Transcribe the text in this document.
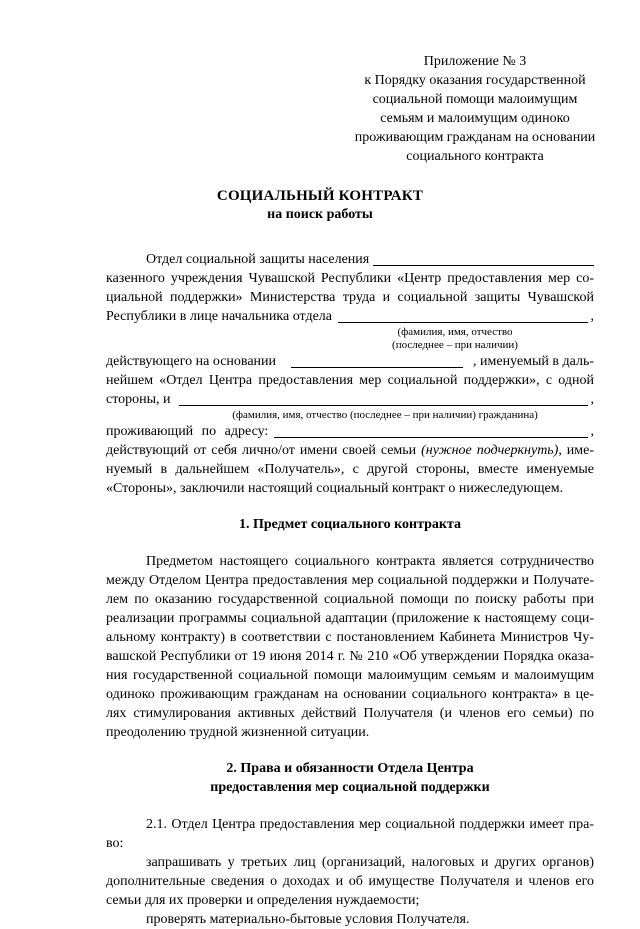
Приложение № 3
к Порядку оказания государственной
социальной помощи малоимущим
семьям и малоимущим одиноко
проживающим гражданам на основании
социального контракта
СОЦИАЛЬНЫЙ КОНТРАКТ
на поиск работы
Отдел социальной защиты населения

казенного учреждения Чувашской Республики «Центр предоставления мер со-

циальной поддержки» Министерства труда и социальной защиты Чувашской

Республики в лице начальника отдела	,
(фамилия, имя, отчество
(последнее – при наличии)
действующего на основании	, именуемый в даль-

нейшем «Отдел Центра предоставления мер социальной поддержки», с одной

стороны, и	,
(фамилия, имя, отчество (последнее – при наличии) гражданина)
проживающий по адресу:	,

действующий от себя лично/от имени своей семьи (нужное подчеркнуть), име-

нуемый в дальнейшем «Получатель», с другой стороны, вместе именуемые

«Стороны», заключили настоящий социальный контракт о нижеследующем.

1. Предмет социального контракта

Предметом настоящего социального контракта является сотрудничество

между Отделом Центра предоставления мер социальной поддержки и Получате-

лем по оказанию государственной социальной помощи по поиску работы при

реализации программы социальной адаптации (приложение к настоящему соци-

альному контракту) в соответствии с постановлением Кабинета Министров Чу-

вашской Республики от 19 июня 2014 г. № 210 «Об утверждении Порядка оказа-

ния государственной социальной помощи малоимущим семьям и малоимущим

одиноко проживающим гражданам на основании социального контракта» в це-

лях стимулирования активных действий Получателя (и членов его семьи) по

преодолению трудной жизненной ситуации.

2. Права и обязанности Отдела Центра
предоставления мер социальной поддержки

2.1. Отдел Центра предоставления мер социальной поддержки имеет пра-

во:

запрашивать у третьих лиц (организаций, налоговых и других органов)

дополнительные сведения о доходах и об имуществе Получателя и членов его

семьи для их проверки и определения нуждаемости;

проверять материально-бытовые условия Получателя.
